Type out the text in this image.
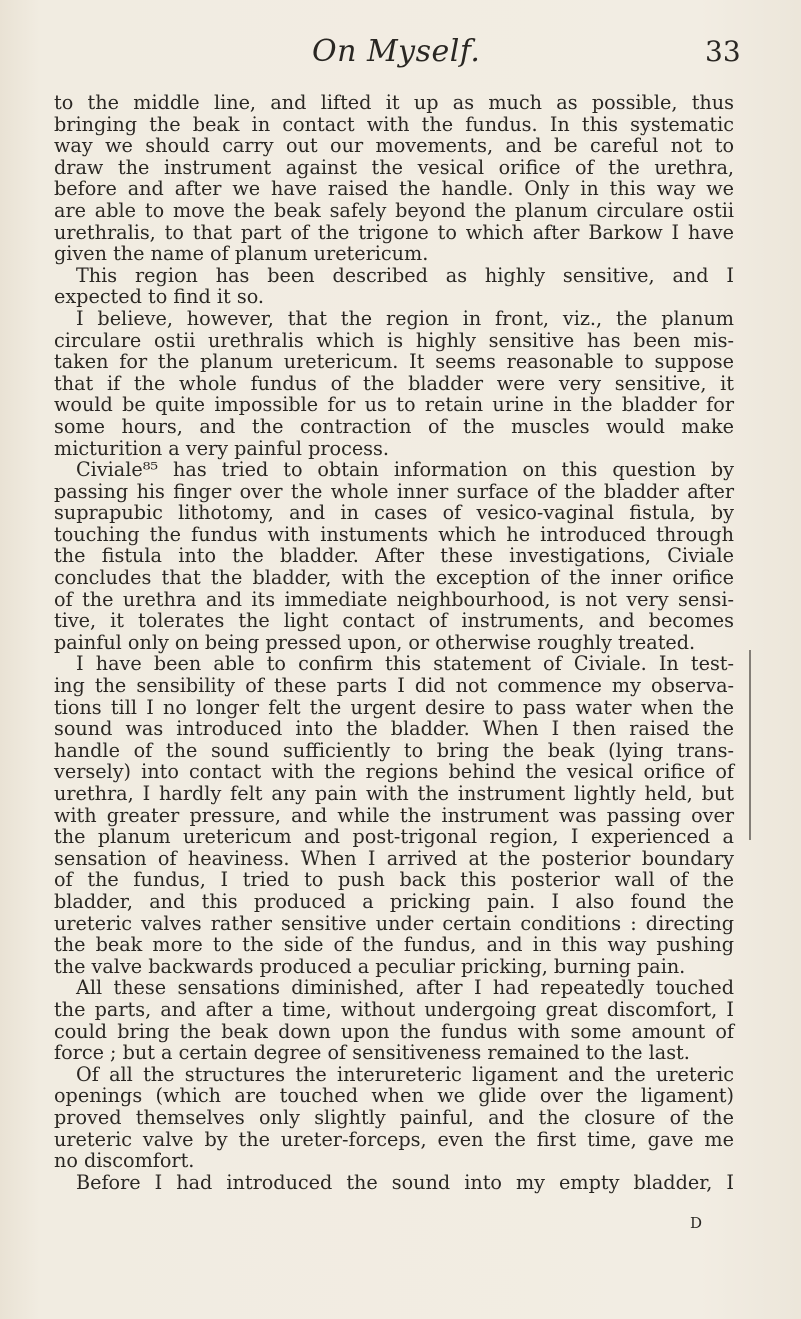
On Myself.	33
to the middle line, and lifted it up as much as possible, thus
bringing the beak in contact with the fundus. In this systematic
way we should carry out our movements, and be careful not to
draw the instrument against the vesical orifice of the urethra,
before and after we have raised the handle. Only in this way we
are able to move the beak safely beyond the planum circulare ostii
urethralis, to that part of the trigone to which after Barkow I have
given the name of planum uretericum.
This region has been described as highly sensitive, and I
expected to find it so.
I believe, however, that the region in front, viz., the planum
circulare ostii urethralis which is highly sensitive has been mis-
taken for the planum uretericum. It seems reasonable to suppose
that if the whole fundus of the bladder were very sensitive, it
would be quite impossible for us to retain urine in the bladder for
some hours, and the contraction of the muscles would make
micturition a very painful process.
Civiale⁸⁵ has tried to obtain information on this question by
passing his finger over the whole inner surface of the bladder after
suprapubic lithotomy, and in cases of vesico-vaginal fistula, by
touching the fundus with instuments which he introduced through
the fistula into the bladder. After these investigations, Civiale
concludes that the bladder, with the exception of the inner orifice
of the urethra and its immediate neighbourhood, is not very sensi-
tive, it tolerates the light contact of instruments, and becomes
painful only on being pressed upon, or otherwise roughly treated.
I have been able to confirm this statement of Civiale. In test-
ing the sensibility of these parts I did not commence my observa-
tions till I no longer felt the urgent desire to pass water when the
sound was introduced into the bladder. When I then raised the
handle of the sound sufficiently to bring the beak (lying trans-
versely) into contact with the regions behind the vesical orifice of
urethra, I hardly felt any pain with the instrument lightly held, but
with greater pressure, and while the instrument was passing over
the planum uretericum and post-trigonal region, I experienced a
sensation of heaviness. When I arrived at the posterior boundary
of the fundus, I tried to push back this posterior wall of the
bladder, and this produced a pricking pain. I also found the
ureteric valves rather sensitive under certain conditions : directing
the beak more to the side of the fundus, and in this way pushing
the valve backwards produced a peculiar pricking, burning pain.
All these sensations diminished, after I had repeatedly touched
the parts, and after a time, without undergoing great discomfort, I
could bring the beak down upon the fundus with some amount of
force ; but a certain degree of sensitiveness remained to the last.
Of all the structures the interureteric ligament and the ureteric
openings (which are touched when we glide over the ligament)
proved themselves only slightly painful, and the closure of the
ureteric valve by the ureter-forceps, even the first time, gave me
no discomfort.
Before I had introduced the sound into my empty bladder, I
D
